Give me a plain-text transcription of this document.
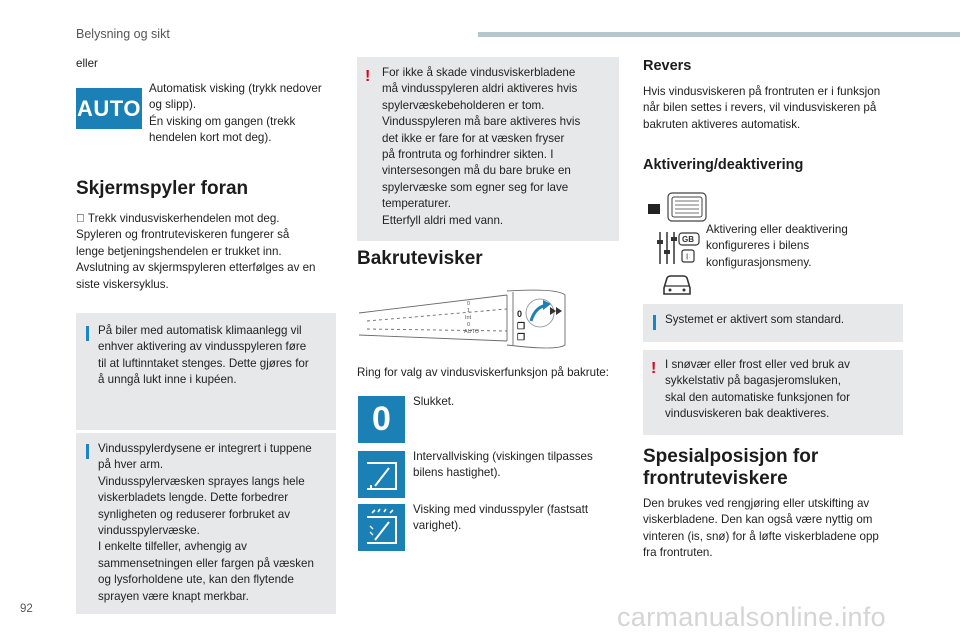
Belysning og sikt
eller
AUTO
Automatisk visking (trykk nedover
og slipp).
Én visking om gangen (trekk
hendelen kort mot deg).
Skjermspyler foran
Trekk vindusviskerhendelen mot deg.
Spyleren og frontruteviskeren fungerer så
lenge betjeningshendelen er trukket inn.
Avslutning av skjermspyleren etterfølges av en
siste viskersyklus.
På biler med automatisk klimaanlegg vil
enhver aktivering av vindusspyleren føre
til at luftinntaket stenges. Dette gjøres for
å unngå lukt inne i kupéen.
Vindusspylerdysene er integrert i tuppene
på hver arm.
Vindusspylervæsken sprayes langs hele
viskerbladets lengde. Dette forbedrer
synligheten og reduserer forbruket av
vindusspylervæske.
I enkelte tilfeller, avhengig av
sammensetningen eller fargen på væsken
og lysforholdene ute, kan den flytende
sprayen være knapt merkbar.
! For ikke å skade vindusviskerbladene
må vindusspyleren aldri aktiveres hvis
spylervæskebeholderen er tom.
Vindusspyleren må bare aktiveres hvis
det ikke er fare for at væsken fryser
på frontruta og forhindrer sikten. I
vintersesongen må du bare bruke en
spylervæske som egner seg for lave
temperaturer.
Etterfyll aldri med vann.
Bakrutevisker
0
1
Int
0
AUTO
0
❒
❒
Ring for valg av vindusviskerfunksjon på bakrute:
0	Slukket.
Intervallvisking (viskingen tilpasses
bilens hastighet).
Visking med vindusspyler (fastsatt
varighet).
Revers
Hvis vindusviskeren på frontruten er i funksjon
når bilen settes i revers, vil vindusviskeren på
bakruten aktiveres automatisk.
Aktivering/deaktivering
GB
I
Aktivering eller deaktivering
konfigureres i bilens
konfigurasjonsmeny.
Systemet er aktivert som standard.
! I snøvær eller frost eller ved bruk av
sykkelstativ på bagasjeromsluken,
skal den automatiske funksjonen for
vindusviskeren bak deaktiveres.
Spesialposisjon for
frontruteviskere
Den brukes ved rengjøring eller utskifting av
viskerbladene. Den kan også være nyttig om
vinteren (is, snø) for å løfte viskerbladene opp
fra frontruten.
92	carmanualsonline.info
